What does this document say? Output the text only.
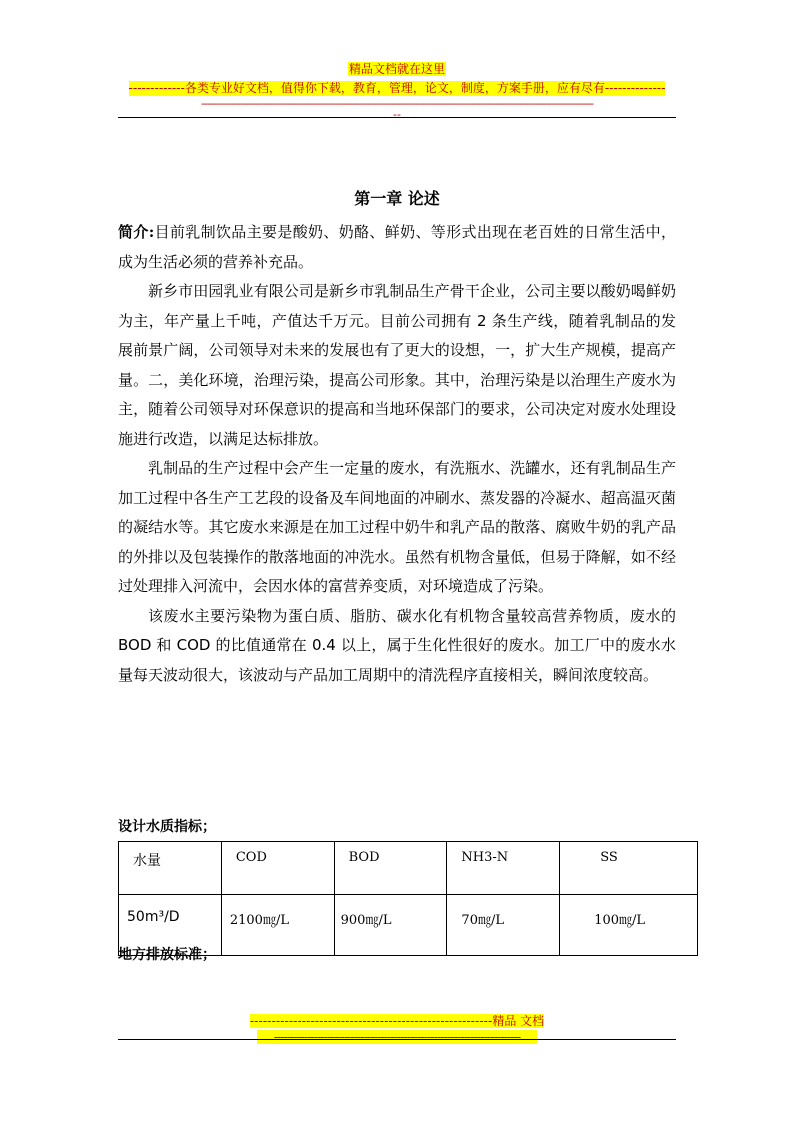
精品文档就在这里
-------------各类专业好文档，值得你下载，教育，管理，论文，制度，方案手册，应有尽有--------------
------------------------------------------------------------------------------------------------------------------------------------
--
第一章 论述

简介:目前乳制饮品主要是酸奶、奶酪、鲜奶、等形式出现在老百姓的日常生活中，成为生活必须的营养补充品。

新乡市田园乳业有限公司是新乡市乳制品生产骨干企业，公司主要以酸奶喝鲜奶为主，年产量上千吨，产值达千万元。目前公司拥有 2 条生产线，随着乳制品的发展前景广阔，公司领导对未来的发展也有了更大的设想，一，扩大生产规模，提高产量。二，美化环境，治理污染，提高公司形象。其中，治理污染是以治理生产废水为主，随着公司领导对环保意识的提高和当地环保部门的要求，公司决定对废水处理设施进行改造，以满足达标排放。

乳制品的生产过程中会产生一定量的废水，有洗瓶水、洗罐水，还有乳制品生产加工过程中各生产工艺段的设备及车间地面的冲刷水、蒸发器的冷凝水、超高温灭菌的凝结水等。其它废水来源是在加工过程中奶牛和乳产品的散落、腐败牛奶的乳产品的外排以及包装操作的散落地面的冲洗水。虽然有机物含量低，但易于降解，如不经过处理排入河流中，会因水体的富营养变质，对环境造成了污染。

该废水主要污染物为蛋白质、脂肪、碳水化有机物含量较高营养物质，废水的 BOD 和 COD 的比值通常在 0.4 以上，属于生化性很好的废水。加工厂中的废水水量每天波动很大，该波动与产品加工周期中的清洗程序直接相关，瞬间浓度较高。

设计水质指标；
水量	COD	BOD	NH3-N	SS
50m³/D	2100㎎/L	900㎎/L	70㎎/L	100㎎/L
地方排放标准；
--------------------------------------------------------精品 文档
--------------------------------------------------------------------------
